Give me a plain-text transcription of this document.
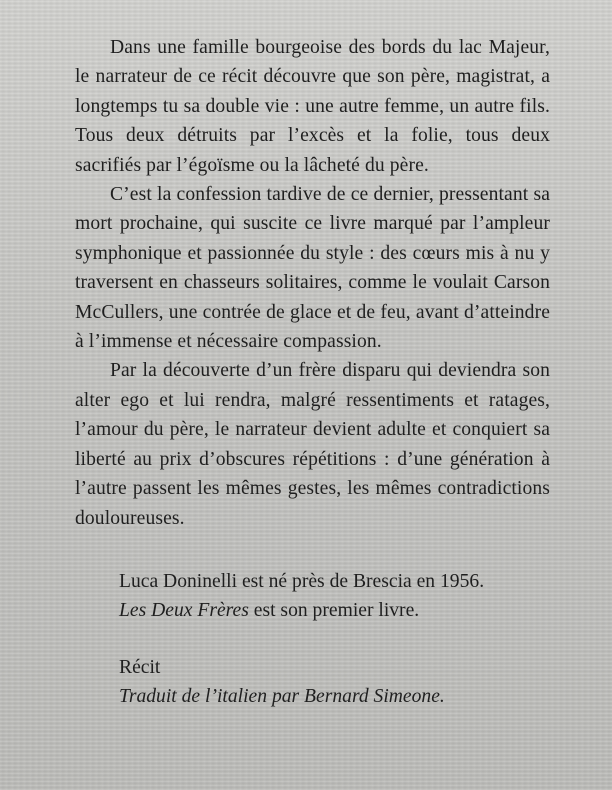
Dans une famille bourgeoise des bords du lac Majeur, le narrateur de ce récit découvre que son père, magistrat, a longtemps tu sa double vie : une autre femme, un autre fils. Tous deux détruits par l’excès et la folie, tous deux sacrifiés par l’égoïsme ou la lâcheté du père.

C’est la confession tardive de ce dernier, pressentant sa mort prochaine, qui suscite ce livre marqué par l’ampleur symphonique et passionnée du style : des cœurs mis à nu y traversent en chasseurs solitaires, comme le voulait Carson McCullers, une contrée de glace et de feu, avant d’atteindre à l’immense et nécessaire compassion.

Par la découverte d’un frère disparu qui deviendra son alter ego et lui rendra, malgré ressentiments et ratages, l’amour du père, le narrateur devient adulte et conquiert sa liberté au prix d’obscures répétitions : d’une génération à l’autre passent les mêmes gestes, les mêmes contradictions douloureuses.

Luca Doninelli est né près de Brescia en 1956.

Les Deux Frères est son premier livre.

Récit

Traduit de l’italien par Bernard Simeone.
